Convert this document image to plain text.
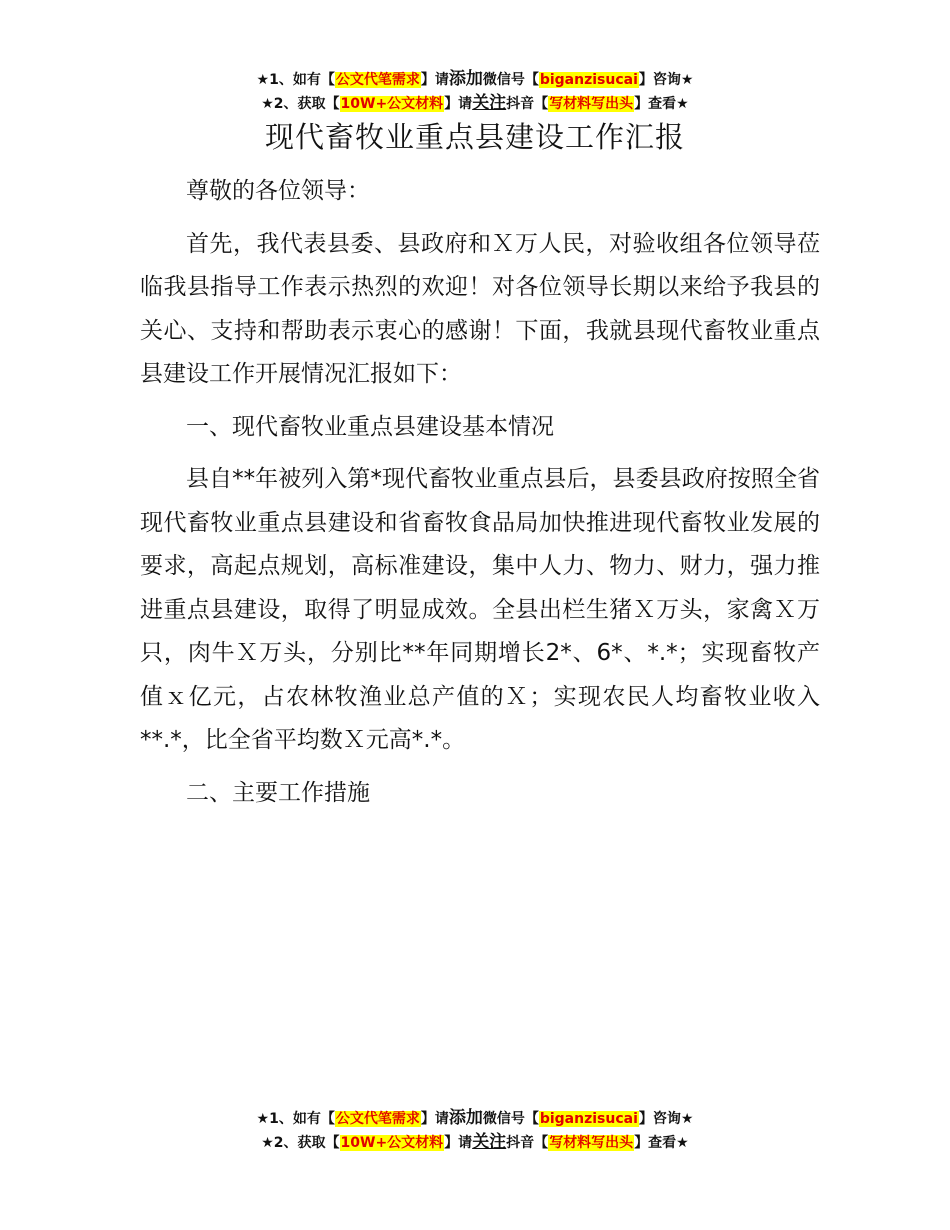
★1、如有【公文代笔需求】请添加微信号【biganzisucai】咨询★
★2、获取【10W+公文材料】请关注抖音【写材料写出头】查看★
现代畜牧业重点县建设工作汇报

尊敬的各位领导：

首先，我代表县委、县政府和Ｘ万人民，对验收组各位领导莅临我县指导工作表示热烈的欢迎！对各位领导长期以来给予我县的关心、支持和帮助表示衷心的感谢！下面，我就县现代畜牧业重点县建设工作开展情况汇报如下：

一、现代畜牧业重点县建设基本情况

县自**年被列入第*现代畜牧业重点县后，县委县政府按照全省现代畜牧业重点县建设和省畜牧食品局加快推进现代畜牧业发展的要求，高起点规划，高标准建设，集中人力、物力、财力，强力推进重点县建设，取得了明显成效。全县出栏生猪Ｘ万头，家禽Ｘ万只，肉牛Ｘ万头，分别比**年同期增长2*、6*、*.*；实现畜牧产值ｘ亿元，占农林牧渔业总产值的Ｘ；实现农民人均畜牧业收入**.*，比全省平均数Ｘ元高*.*。

二、主要工作措施

★1、如有【公文代笔需求】请添加微信号【biganzisucai】咨询★
★2、获取【10W+公文材料】请关注抖音【写材料写出头】查看★
